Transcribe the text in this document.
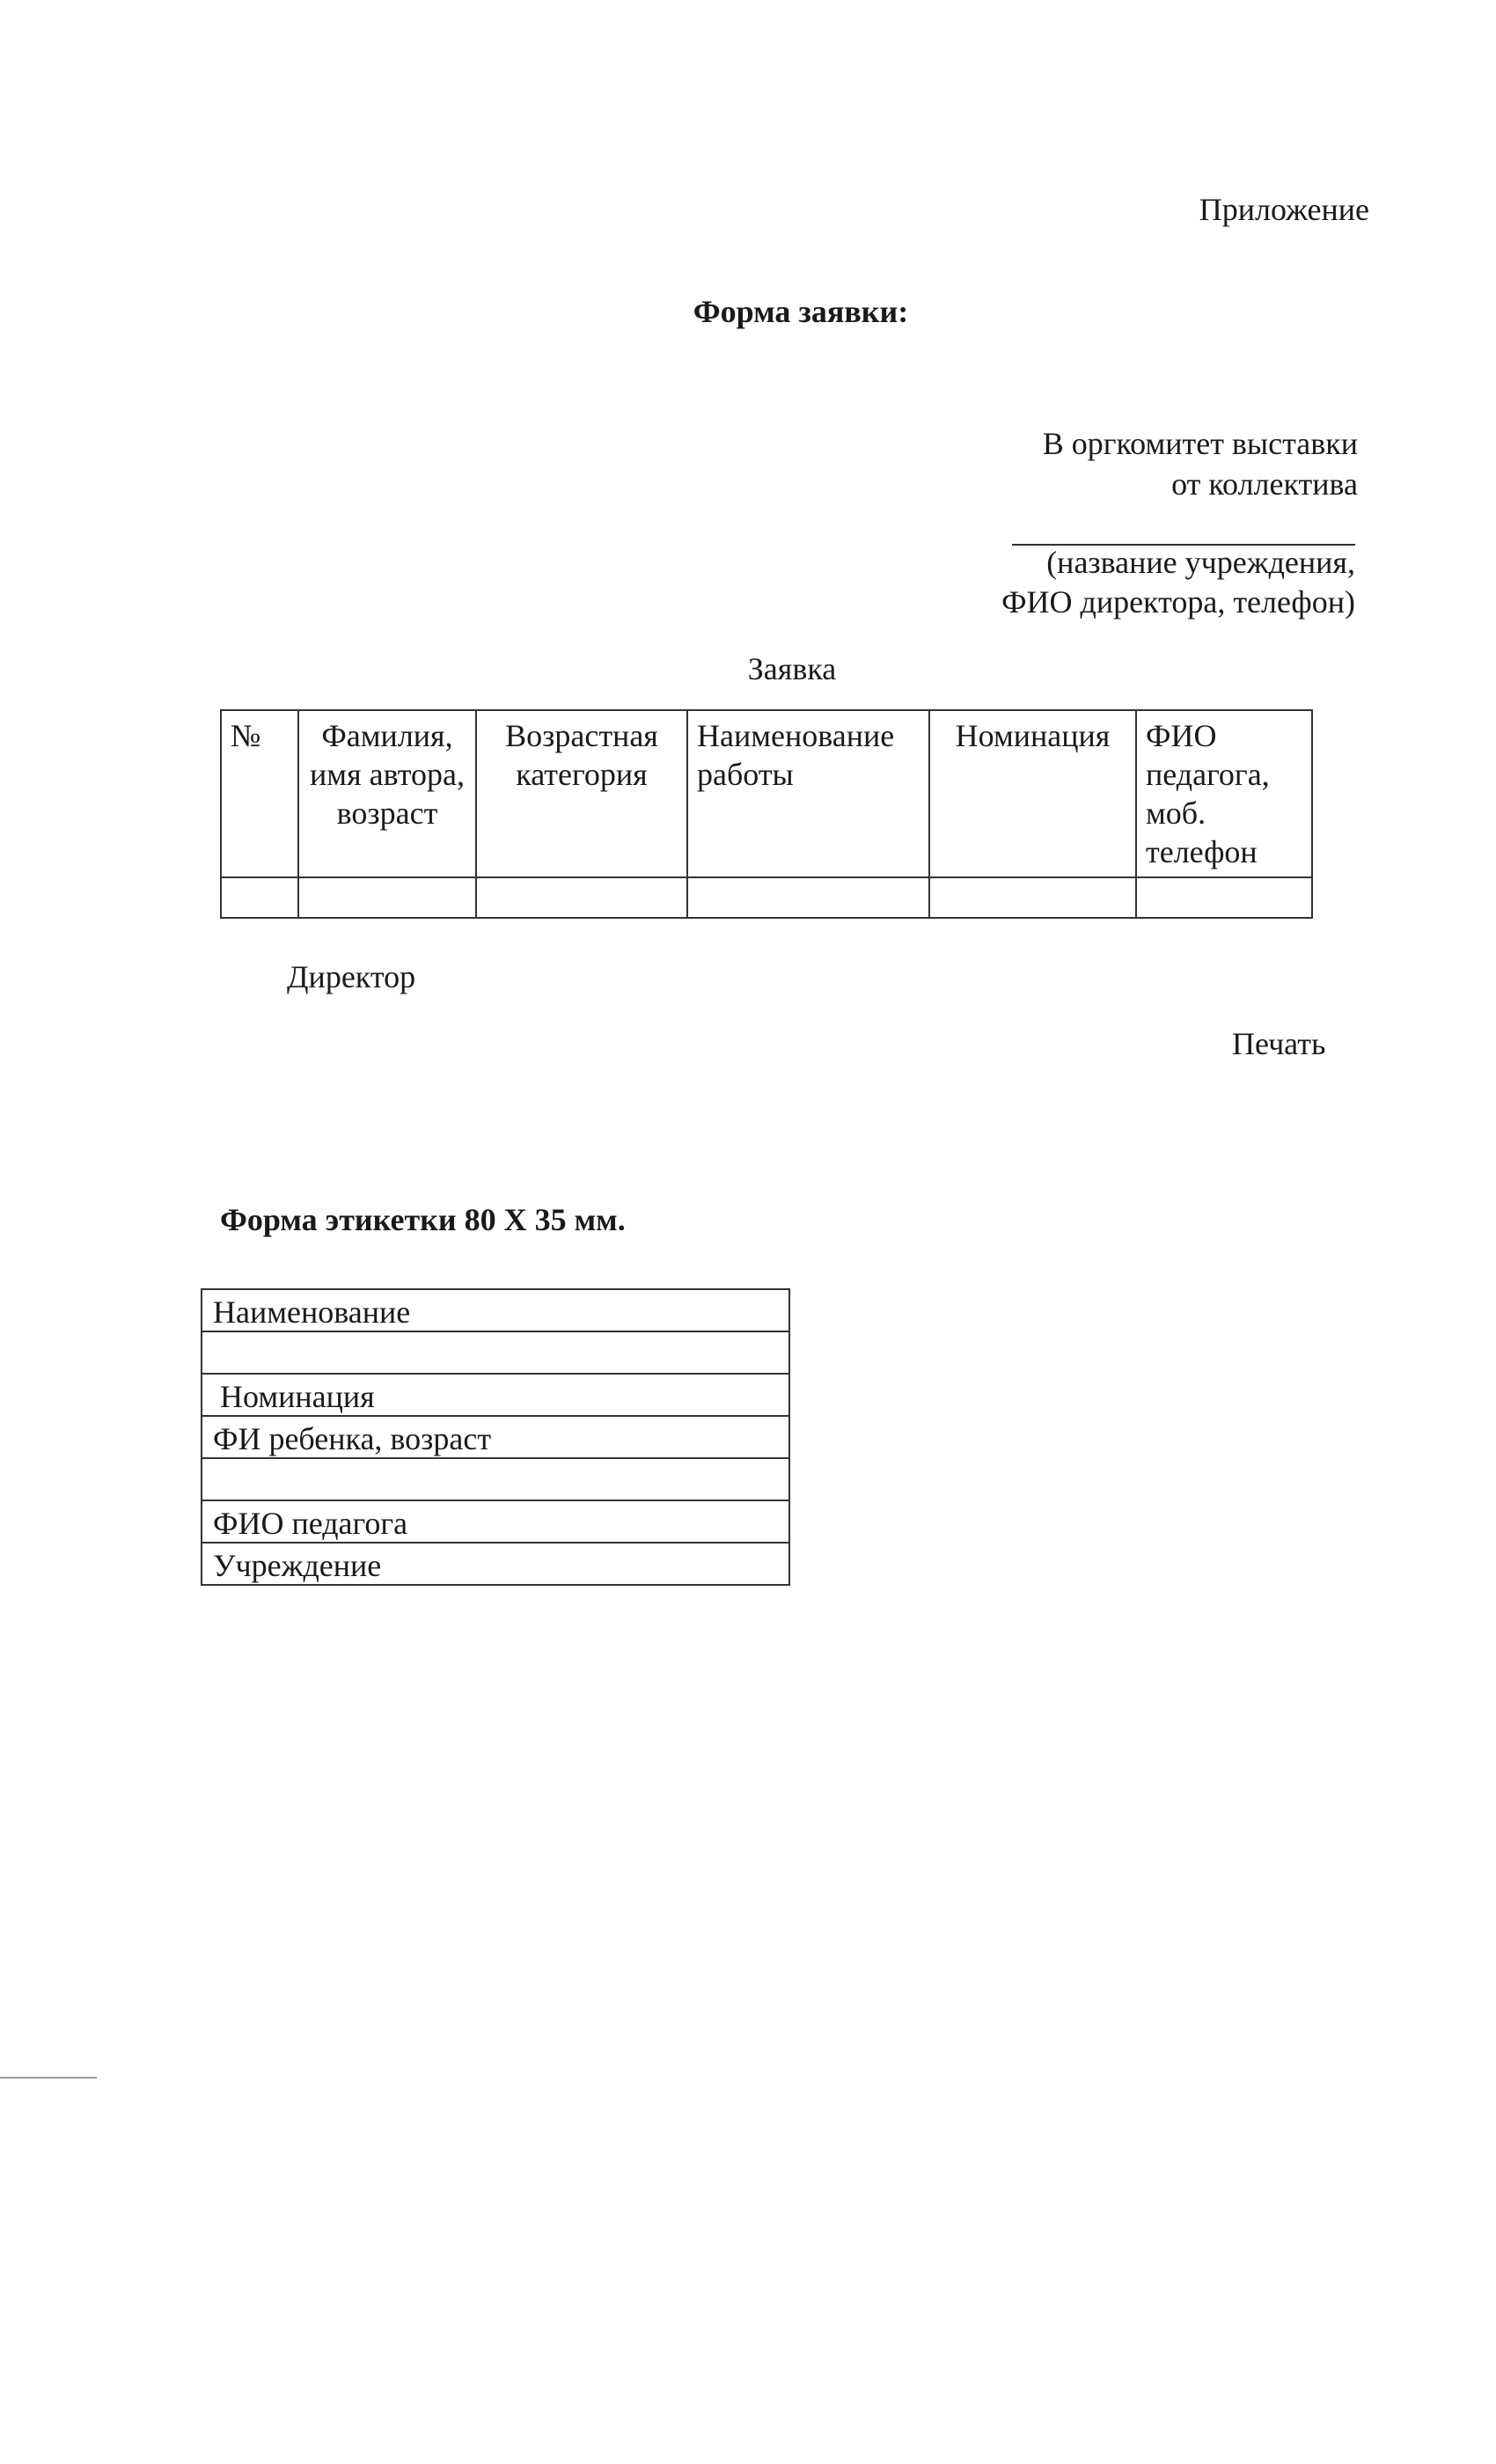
Приложение
Форма заявки:
В оргкомитет выставки
от коллектива
(название учреждения,
ФИО директора, телефон)
Заявка
№	Фамилия, имя автора, возраст	Возрастная категория	Наименование работы	Номинация	ФИО педагога, моб. телефон

Директор
Печать
Форма этикетки 80 Х 35 мм.
Наименование

Номинация
ФИ ребенка, возраст

ФИО педагога
Учреждение
